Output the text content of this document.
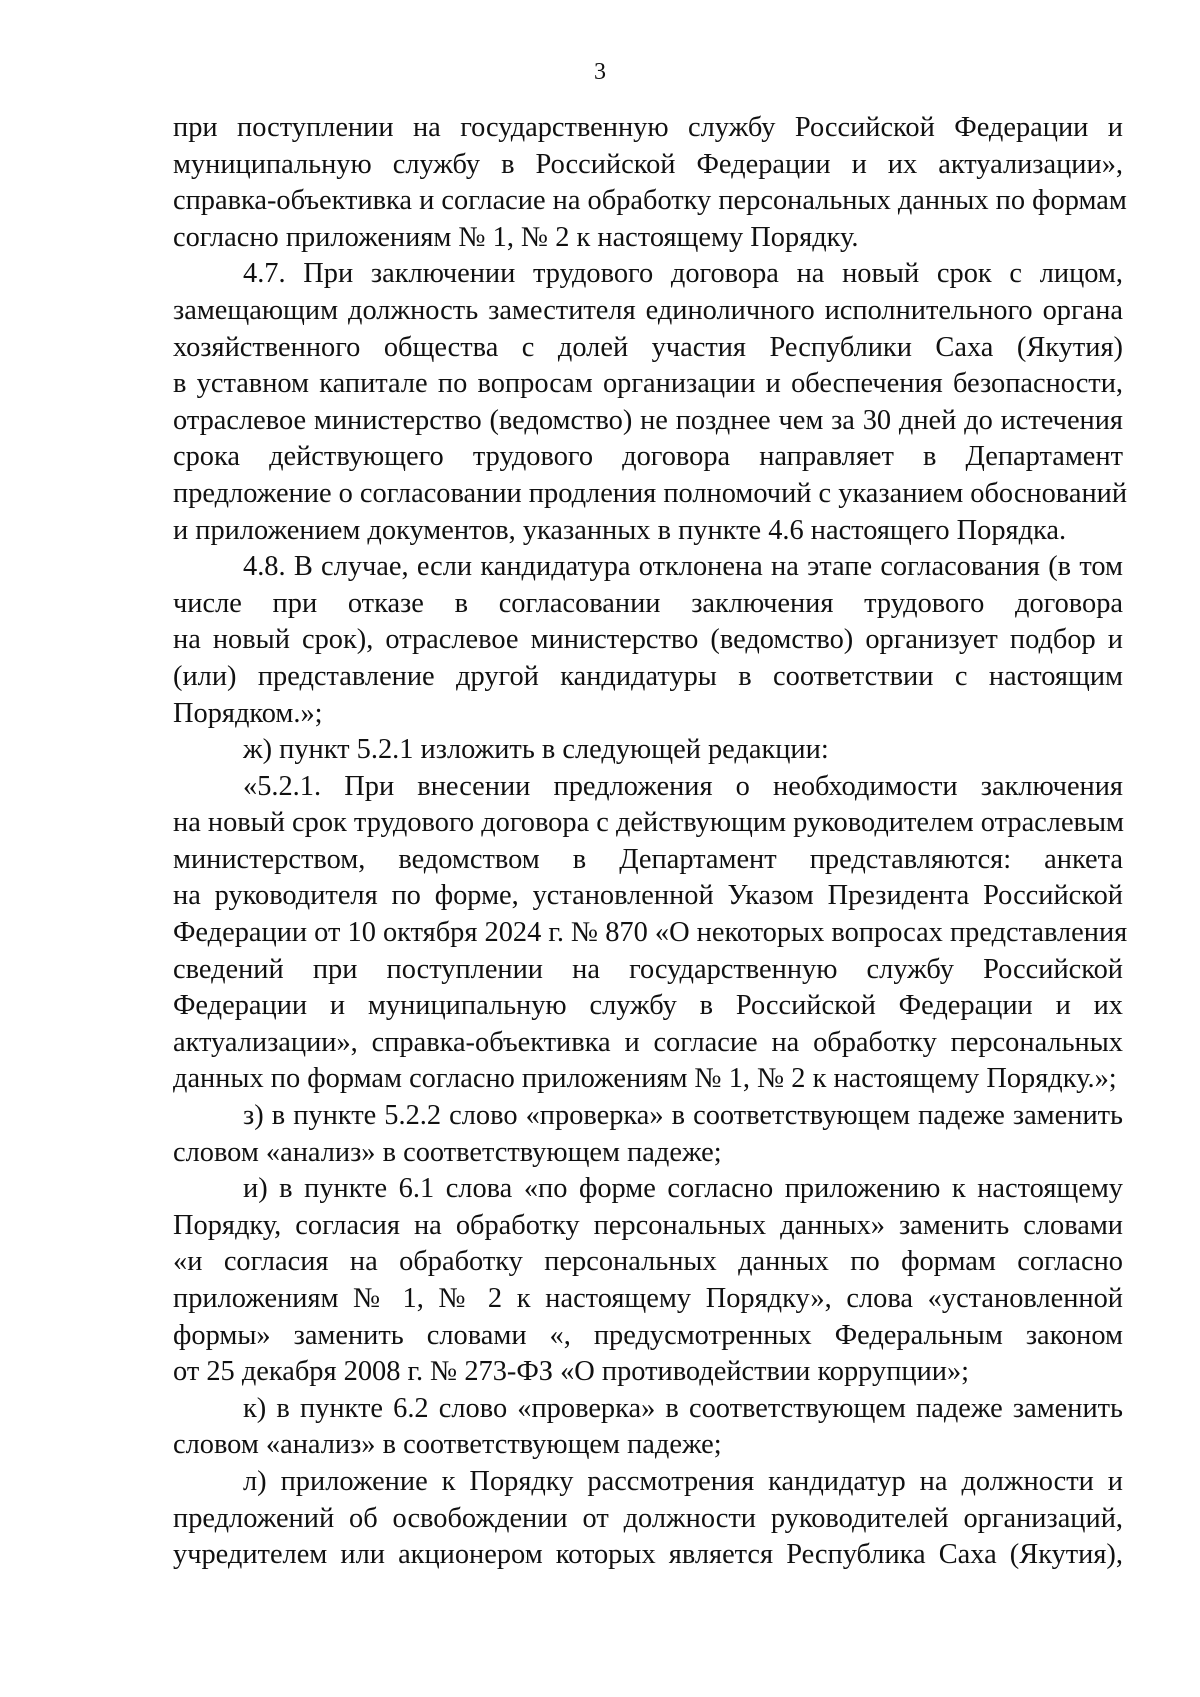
3
при поступлении на государственную службу Российской Федерации и
муниципальную службу в Российской Федерации и их актуализации»,
справка-объективка и согласие на обработку персональных данных по формам
согласно приложениям № 1, № 2 к настоящему Порядку.
4.7. При заключении трудового договора на новый срок с лицом,
замещающим должность заместителя единоличного исполнительного органа
хозяйственного общества с долей участия Республики Саха (Якутия)
в уставном капитале по вопросам организации и обеспечения безопасности,
отраслевое министерство (ведомство) не позднее чем за 30 дней до истечения
срока действующего трудового договора направляет в Департамент
предложение о согласовании продления полномочий с указанием обоснований
и приложением документов, указанных в пункте 4.6 настоящего Порядка.
4.8. В случае, если кандидатура отклонена на этапе согласования (в том
числе при отказе в согласовании заключения трудового договора
на новый срок), отраслевое министерство (ведомство) организует подбор и
(или) представление другой кандидатуры в соответствии с настоящим
Порядком.»;
ж) пункт 5.2.1 изложить в следующей редакции:
«5.2.1. При внесении предложения о необходимости заключения
на новый срок трудового договора с действующим руководителем отраслевым
министерством, ведомством в Департамент представляются: анкета
на руководителя по форме, установленной Указом Президента Российской
Федерации от 10 октября 2024 г. № 870 «О некоторых вопросах представления
сведений при поступлении на государственную службу Российской
Федерации и муниципальную службу в Российской Федерации и их
актуализации», справка-объективка и согласие на обработку персональных
данных по формам согласно приложениям № 1, № 2 к настоящему Порядку.»;
з) в пункте 5.2.2 слово «проверка» в соответствующем падеже заменить
словом «анализ» в соответствующем падеже;
и) в пункте 6.1 слова «по форме согласно приложению к настоящему
Порядку, согласия на обработку персональных данных» заменить словами
«и согласия на обработку персональных данных по формам согласно
приложениям № 1, № 2 к настоящему Порядку», слова «установленной
формы» заменить словами «, предусмотренных Федеральным законом
от 25 декабря 2008 г. № 273-ФЗ «О противодействии коррупции»;
к) в пункте 6.2 слово «проверка» в соответствующем падеже заменить
словом «анализ» в соответствующем падеже;
л) приложение к Порядку рассмотрения кандидатур на должности и
предложений об освобождении от должности руководителей организаций,
учредителем или акционером которых является Республика Саха (Якутия),
